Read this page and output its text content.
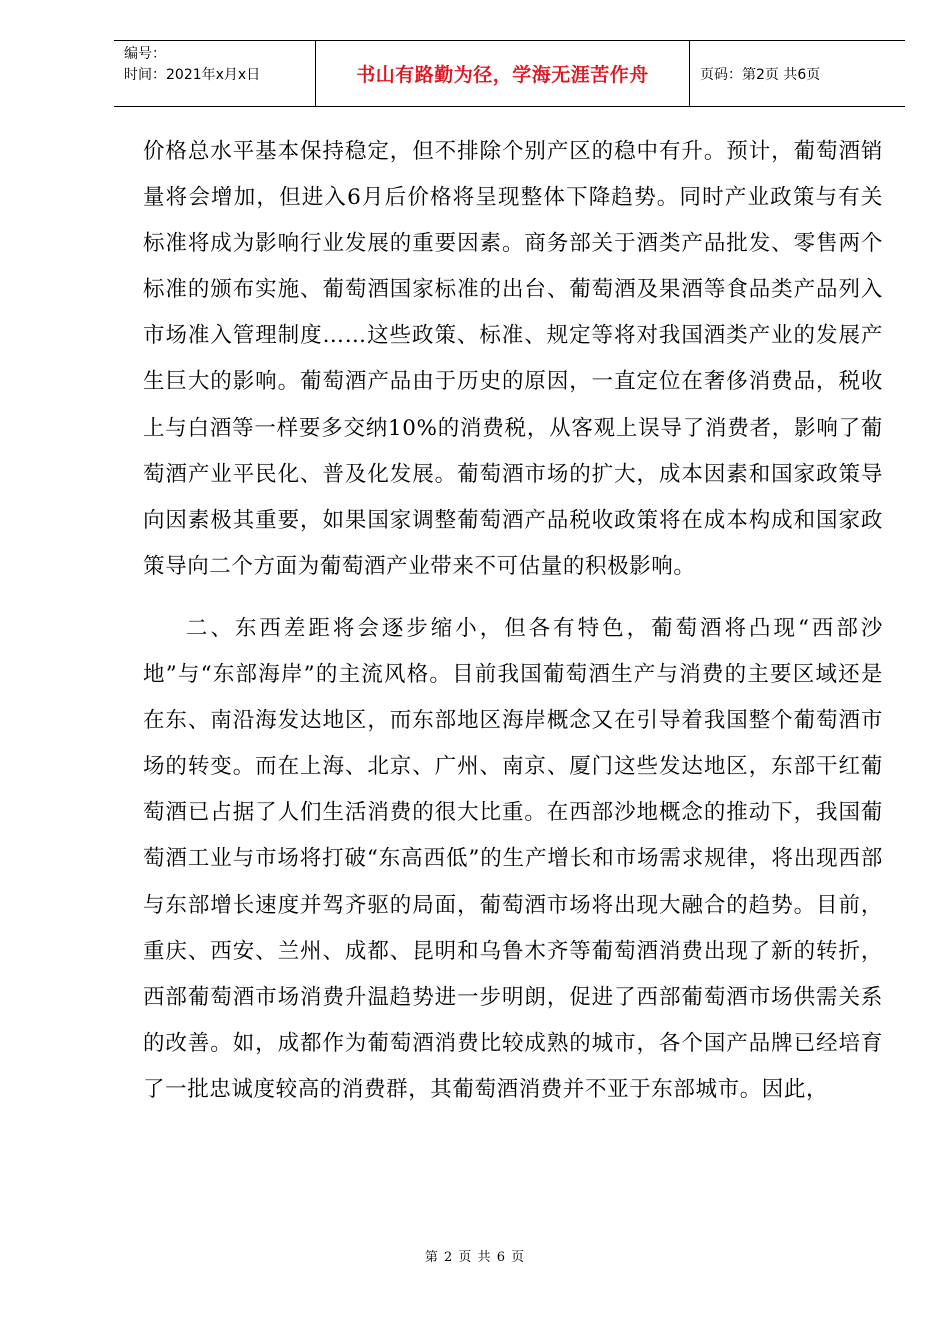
编号：
时间：2021年x月x日	书山有路勤为径，学海无涯苦作舟	页码：第2页 共6页

价格总水平基本保持稳定，但不排除个别产区的稳中有升。预计，葡萄酒销量将会增加，但进入6月后价格将呈现整体下降趋势。同时产业政策与有关标准将成为影响行业发展的重要因素。商务部关于酒类产品批发、零售两个标准的颁布实施、葡萄酒国家标准的出台、葡萄酒及果酒等食品类产品列入市场准入管理制度……这些政策、标准、规定等将对我国酒类产业的发展产生巨大的影响。葡萄酒产品由于历史的原因，一直定位在奢侈消费品，税收上与白酒等一样要多交纳10%的消费税，从客观上误导了消费者，影响了葡萄酒产业平民化、普及化发展。葡萄酒市场的扩大，成本因素和国家政策导向因素极其重要，如果国家调整葡萄酒产品税收政策将在成本构成和国家政策导向二个方面为葡萄酒产业带来不可估量的积极影响。

二、东西差距将会逐步缩小，但各有特色，葡萄酒将凸现“西部沙地”与“东部海岸”的主流风格。目前我国葡萄酒生产与消费的主要区域还是在东、南沿海发达地区，而东部地区海岸概念又在引导着我国整个葡萄酒市场的转变。而在上海、北京、广州、南京、厦门这些发达地区，东部干红葡萄酒已占据了人们生活消费的很大比重。在西部沙地概念的推动下，我国葡萄酒工业与市场将打破“东高西低”的生产增长和市场需求规律，将出现西部与东部增长速度并驾齐驱的局面，葡萄酒市场将出现大融合的趋势。目前，重庆、西安、兰州、成都、昆明和乌鲁木齐等葡萄酒消费出现了新的转折，西部葡萄酒市场消费升温趋势进一步明朗，促进了西部葡萄酒市场供需关系的改善。如，成都作为葡萄酒消费比较成熟的城市，各个国产品牌已经培育了一批忠诚度较高的消费群，其葡萄酒消费并不亚于东部城市。因此，

第 2 页 共 6 页
